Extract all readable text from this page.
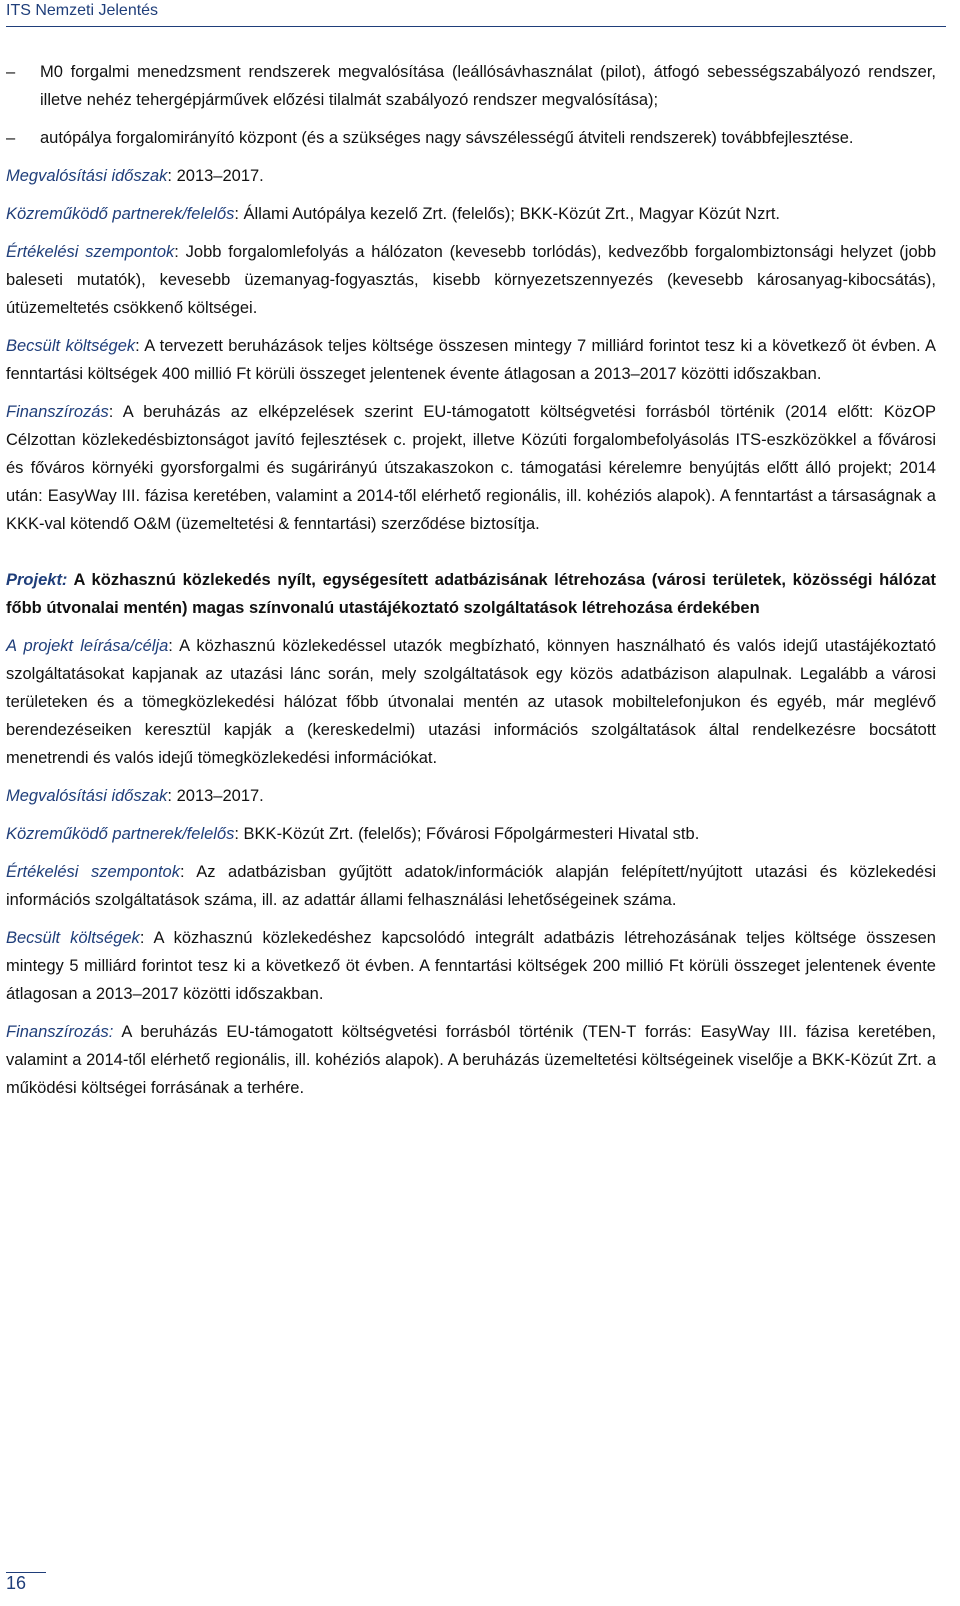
ITS Nemzeti Jelentés

–	M0 forgalmi menedzsment rendszerek megvalósítása (leállósávhasználat (pilot), átfogó sebességszabályozó rendszer, illetve nehéz tehergépjárművek előzési tilalmát szabályozó rendszer megvalósítása);

–	autópálya forgalomirányító központ (és a szükséges nagy sávszélességű átviteli rendszerek) továbbfejlesztése.

Megvalósítási időszak: 2013–2017.

Közreműködő partnerek/felelős: Állami Autópálya kezelő Zrt. (felelős); BKK-Közút Zrt., Magyar Közút Nzrt.

Értékelési szempontok: Jobb forgalomlefolyás a hálózaton (kevesebb torlódás), kedvezőbb forgalombiztonsági helyzet (jobb baleseti mutatók), kevesebb üzemanyag-fogyasztás, kisebb környezetszennyezés (kevesebb károsanyag-kibocsátás), útüzemeltetés csökkenő költségei.

Becsült költségek: A tervezett beruházások teljes költsége összesen mintegy 7 milliárd forintot tesz ki a következő öt évben. A fenntartási költségek 400 millió Ft körüli összeget jelentenek évente átlagosan a 2013–2017 közötti időszakban.

Finanszírozás: A beruházás az elképzelések szerint EU-támogatott költségvetési forrásból történik (2014 előtt: KözOP Célzottan közlekedésbiztonságot javító fejlesztések c. projekt, illetve Közúti forgalombefolyásolás ITS-eszközökkel a fővárosi és főváros környéki gyorsforgalmi és sugárirányú útszakaszokon c. támogatási kérelemre benyújtás előtt álló projekt; 2014 után: EasyWay III. fázisa keretében, valamint a 2014-től elérhető regionális, ill. kohéziós alapok). A fenntartást a társaságnak a KKK-val kötendő O&M (üzemeltetési & fenntartási) szerződése biztosítja.

Projekt: A közhasznú közlekedés nyílt, egységesített adatbázisának létrehozása (városi területek, közösségi hálózat főbb útvonalai mentén) magas színvonalú utastájékoztató szolgáltatások létrehozása érdekében

A projekt leírása/célja: A közhasznú közlekedéssel utazók megbízható, könnyen használható és valós idejű utastájékoztató szolgáltatásokat kapjanak az utazási lánc során, mely szolgáltatások egy közös adatbázison alapulnak. Legalább a városi területeken és a tömegközlekedési hálózat főbb útvonalai mentén az utasok mobiltelefonjukon és egyéb, már meglévő berendezéseiken keresztül kapják a (kereskedelmi) utazási információs szolgáltatások által rendelkezésre bocsátott menetrendi és valós idejű tömegközlekedési információkat.

Megvalósítási időszak: 2013–2017.

Közreműködő partnerek/felelős: BKK-Közút Zrt. (felelős); Fővárosi Főpolgármesteri Hivatal stb.

Értékelési szempontok: Az adatbázisban gyűjtött adatok/információk alapján felépített/nyújtott utazási és közlekedési információs szolgáltatások száma, ill. az adattár állami felhasználási lehetőségeinek száma.

Becsült költségek: A közhasznú közlekedéshez kapcsolódó integrált adatbázis létrehozásának teljes költsége összesen mintegy 5 milliárd forintot tesz ki a következő öt évben. A fenntartási költségek 200 millió Ft körüli összeget jelentenek évente átlagosan a 2013–2017 közötti időszakban.

Finanszírozás: A beruházás EU-támogatott költségvetési forrásból történik (TEN-T forrás: EasyWay III. fázisa keretében, valamint a 2014-től elérhető regionális, ill. kohéziós alapok). A beruházás üzemeltetési költségeinek viselője a BKK-Közút Zrt. a működési költségei forrásának a terhére.

16
